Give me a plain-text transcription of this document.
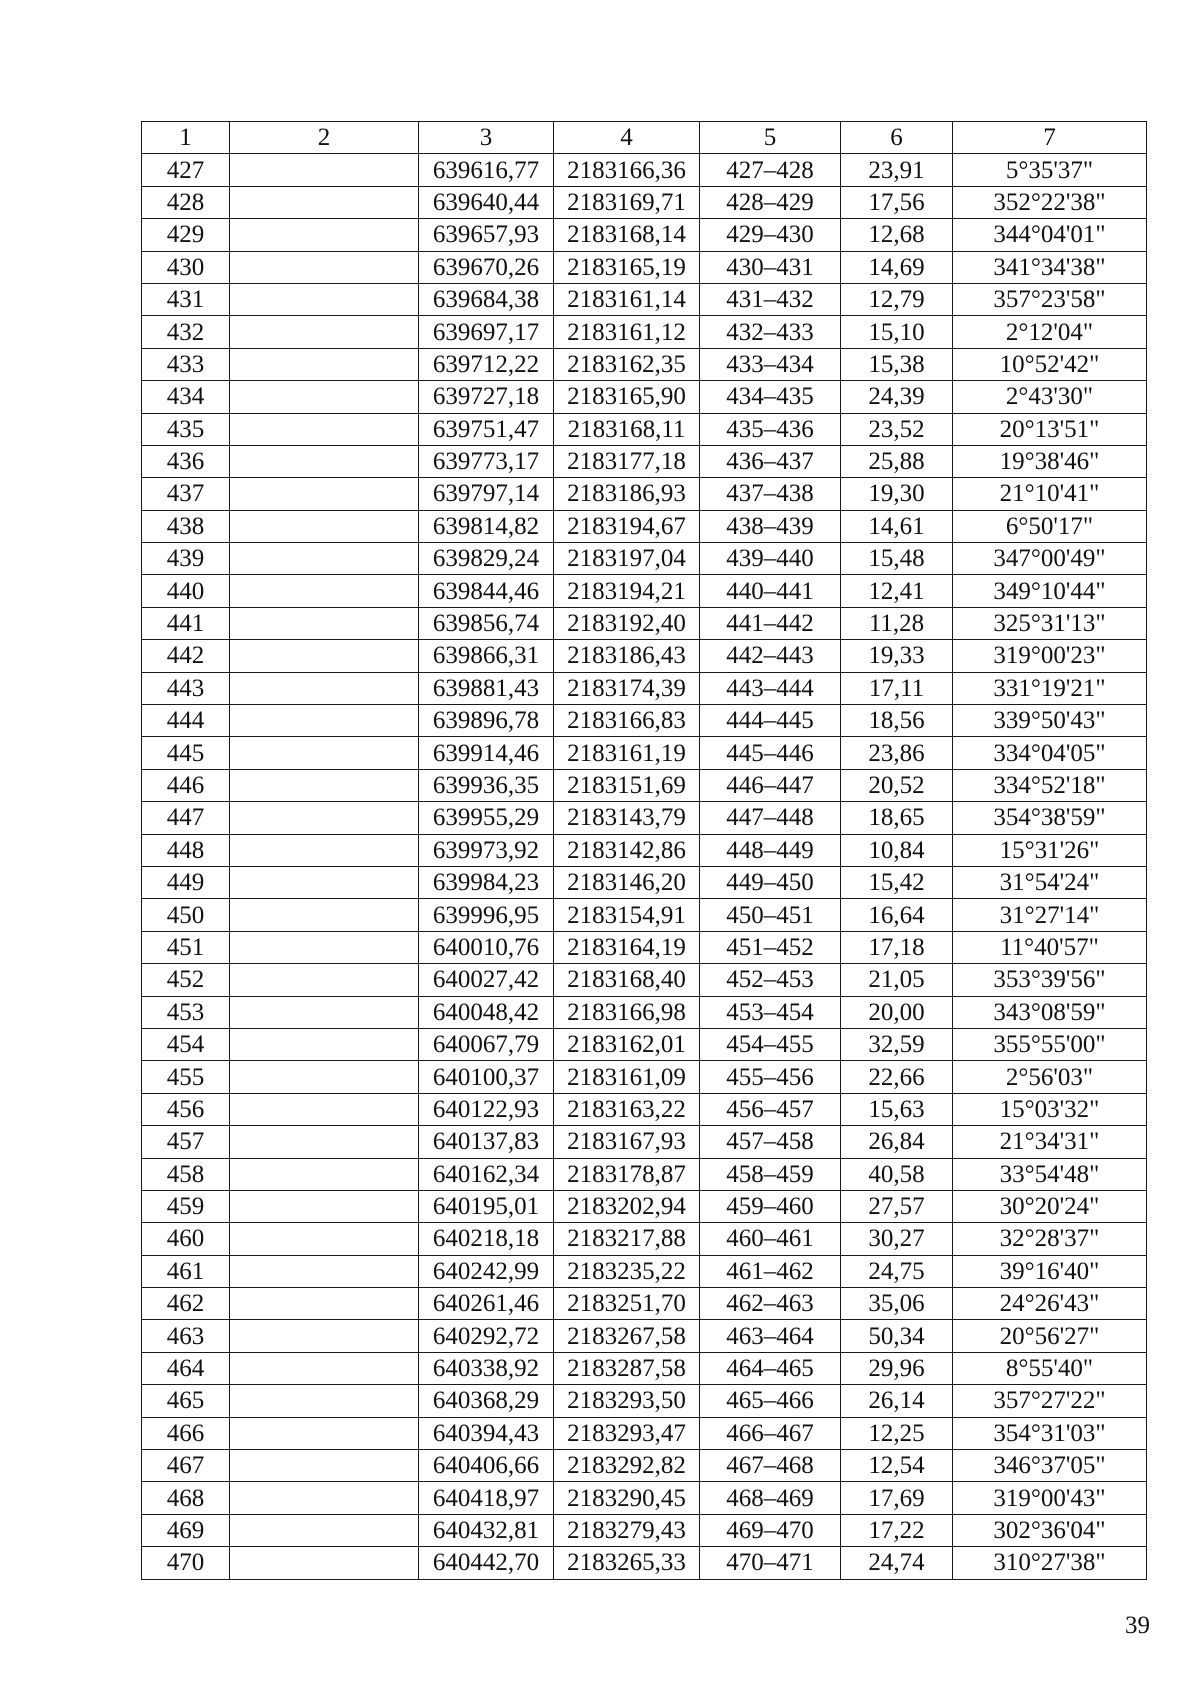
1	2	3	4	5	6	7
427		639616,77	2183166,36	427–428	23,91	5°35'37"
428		639640,44	2183169,71	428–429	17,56	352°22'38"
429		639657,93	2183168,14	429–430	12,68	344°04'01"
430		639670,26	2183165,19	430–431	14,69	341°34'38"
431		639684,38	2183161,14	431–432	12,79	357°23'58"
432		639697,17	2183161,12	432–433	15,10	2°12'04"
433		639712,22	2183162,35	433–434	15,38	10°52'42"
434		639727,18	2183165,90	434–435	24,39	2°43'30"
435		639751,47	2183168,11	435–436	23,52	20°13'51"
436		639773,17	2183177,18	436–437	25,88	19°38'46"
437		639797,14	2183186,93	437–438	19,30	21°10'41"
438		639814,82	2183194,67	438–439	14,61	6°50'17"
439		639829,24	2183197,04	439–440	15,48	347°00'49"
440		639844,46	2183194,21	440–441	12,41	349°10'44"
441		639856,74	2183192,40	441–442	11,28	325°31'13"
442		639866,31	2183186,43	442–443	19,33	319°00'23"
443		639881,43	2183174,39	443–444	17,11	331°19'21"
444		639896,78	2183166,83	444–445	18,56	339°50'43"
445		639914,46	2183161,19	445–446	23,86	334°04'05"
446		639936,35	2183151,69	446–447	20,52	334°52'18"
447		639955,29	2183143,79	447–448	18,65	354°38'59"
448		639973,92	2183142,86	448–449	10,84	15°31'26"
449		639984,23	2183146,20	449–450	15,42	31°54'24"
450		639996,95	2183154,91	450–451	16,64	31°27'14"
451		640010,76	2183164,19	451–452	17,18	11°40'57"
452		640027,42	2183168,40	452–453	21,05	353°39'56"
453		640048,42	2183166,98	453–454	20,00	343°08'59"
454		640067,79	2183162,01	454–455	32,59	355°55'00"
455		640100,37	2183161,09	455–456	22,66	2°56'03"
456		640122,93	2183163,22	456–457	15,63	15°03'32"
457		640137,83	2183167,93	457–458	26,84	21°34'31"
458		640162,34	2183178,87	458–459	40,58	33°54'48"
459		640195,01	2183202,94	459–460	27,57	30°20'24"
460		640218,18	2183217,88	460–461	30,27	32°28'37"
461		640242,99	2183235,22	461–462	24,75	39°16'40"
462		640261,46	2183251,70	462–463	35,06	24°26'43"
463		640292,72	2183267,58	463–464	50,34	20°56'27"
464		640338,92	2183287,58	464–465	29,96	8°55'40"
465		640368,29	2183293,50	465–466	26,14	357°27'22"
466		640394,43	2183293,47	466–467	12,25	354°31'03"
467		640406,66	2183292,82	467–468	12,54	346°37'05"
468		640418,97	2183290,45	468–469	17,69	319°00'43"
469		640432,81	2183279,43	469–470	17,22	302°36'04"
470		640442,70	2183265,33	470–471	24,74	310°27'38"
39
